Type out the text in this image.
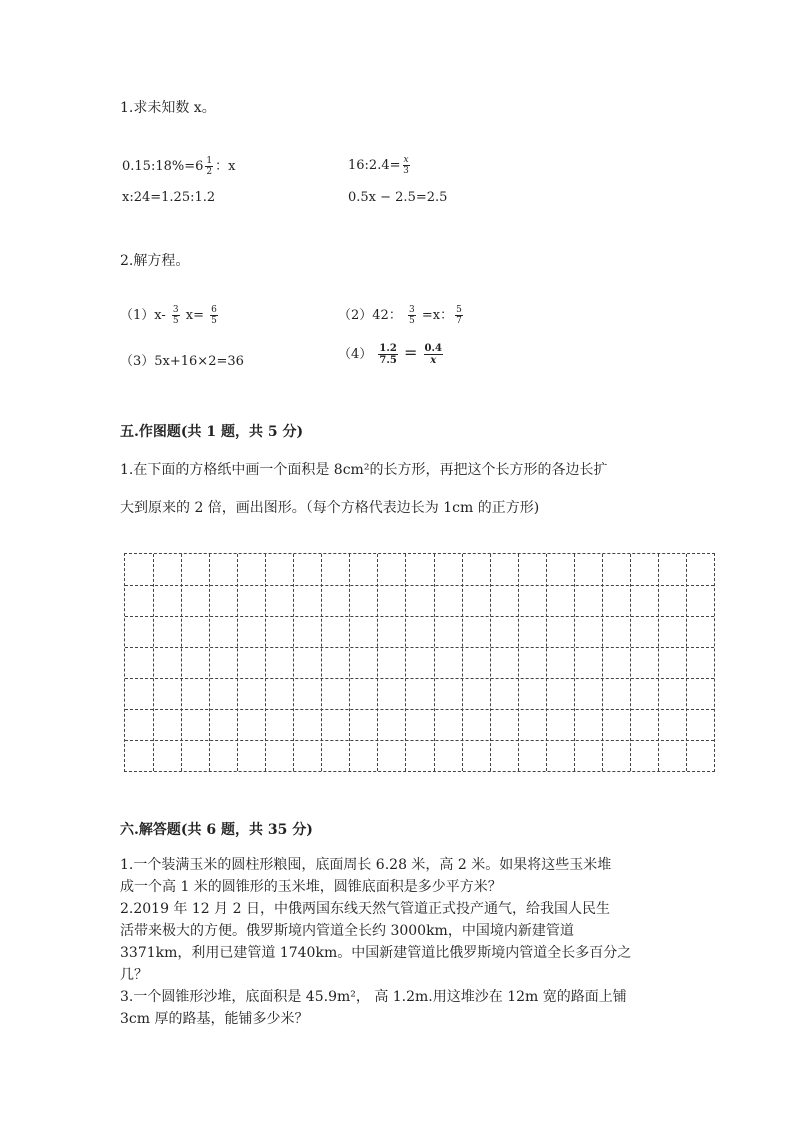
1.求未知数 x。
0.15:18%=6 $\frac{1}{2}$ ：x	16:2.4= $\frac{x}{3}$
x:24=1.25:1.2	0.5x − 2.5=2.5
2.解方程。
$(1)x- \frac{3}{5} x= \frac{6}{5}$	（2）42： $\frac{3}{5} =x$： $\frac{5}{7}$
（3）5x+16×2=36	$(4) \frac{1.2}{7.5} = \frac{0.4}{x}$
五.作图题(共 1 题，共 5 分)
1.在下面的方格纸中画一个面积是 8cm²的长方形，再把这个长方形的各边长扩
大到原来的 2 倍，画出图形。（每个方格代表边长为 1cm 的正方形)
六.解答题(共 6 题，共 35 分)
1.一个装满玉米的圆柱形粮囤，底面周长 6.28 米，高 2 米。如果将这些玉米堆
成一个高 1 米的圆锥形的玉米堆，圆锥底面积是多少平方米？
2.2019 年 12 月 2 日，中俄两国东线天然气管道正式投产通气，给我国人民生
活带来极大的方便。俄罗斯境内管道全长约 3000km，中国境内新建管道
3371km，利用已建管道 1740km。中国新建管道比俄罗斯境内管道全长多百分之
几？
3.一个圆锥形沙堆，底面积是 45.9m²， 高 1.2m.用这堆沙在 12m 宽的路面上铺
3cm 厚的路基，能铺多少米？
